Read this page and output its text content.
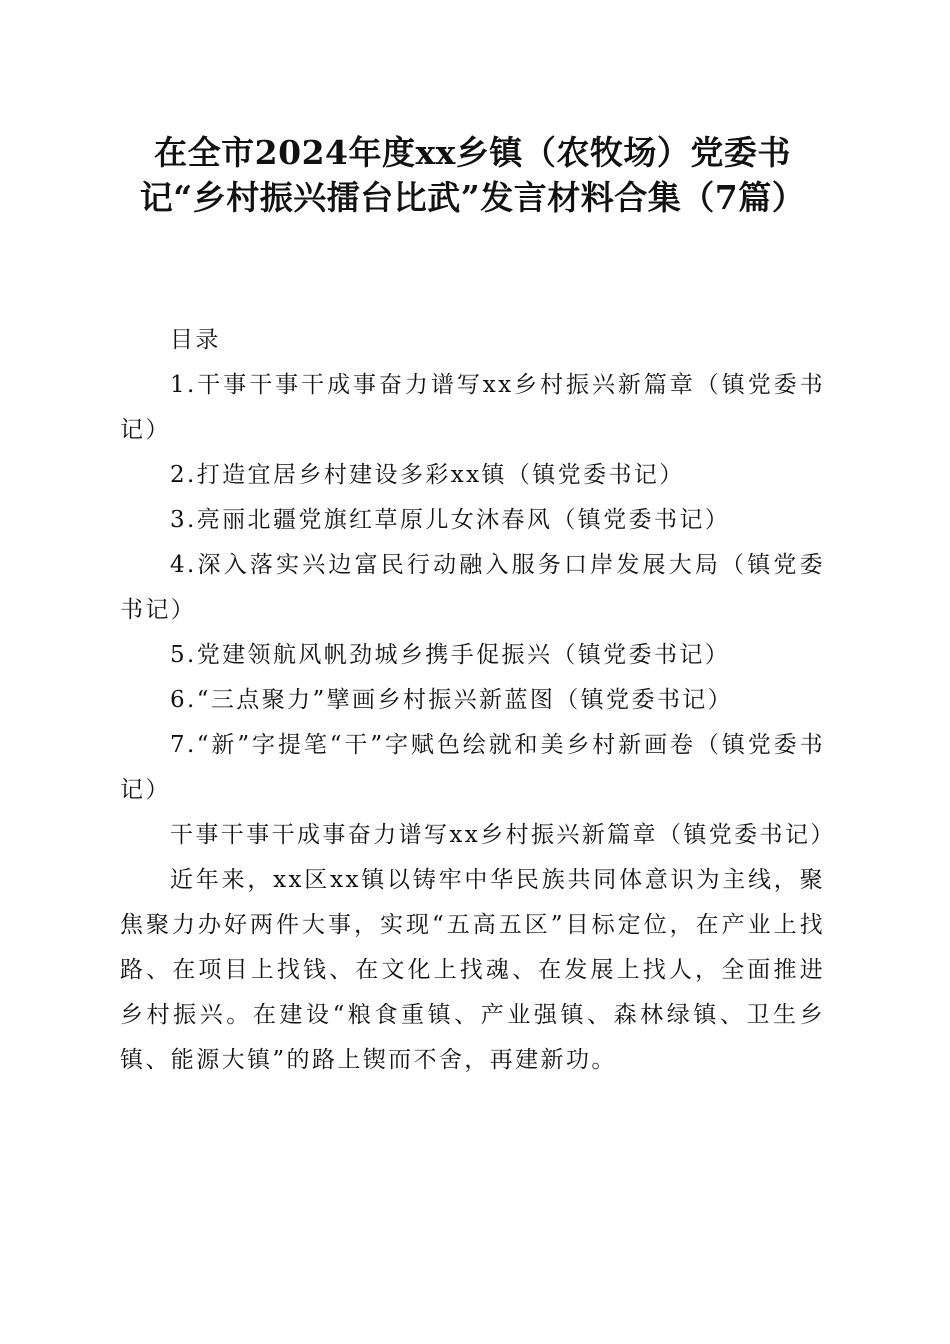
在全市2024年度xx乡镇（农牧场）党委书记“乡村振兴擂台比武”发言材料合集（7篇）

目录

1.干事干事干成事奋力谱写xx乡村振兴新篇章（镇党委书记）

2.打造宜居乡村建设多彩xx镇（镇党委书记）

3.亮丽北疆党旗红草原儿女沐春风（镇党委书记）

4.深入落实兴边富民行动融入服务口岸发展大局（镇党委书记）

5.党建领航风帆劲城乡携手促振兴（镇党委书记）

6.“三点聚力”擘画乡村振兴新蓝图（镇党委书记）

7.“新”字提笔“干”字赋色绘就和美乡村新画卷（镇党委书记）

干事干事干成事奋力谱写xx乡村振兴新篇章（镇党委书记）

近年来，xx区xx镇以铸牢中华民族共同体意识为主线，聚焦聚力办好两件大事，实现“五高五区”目标定位，在产业上找路、在项目上找钱、在文化上找魂、在发展上找人，全面推进乡村振兴。在建设“粮食重镇、产业强镇、森林绿镇、卫生乡镇、能源大镇”的路上锲而不舍，再建新功。
